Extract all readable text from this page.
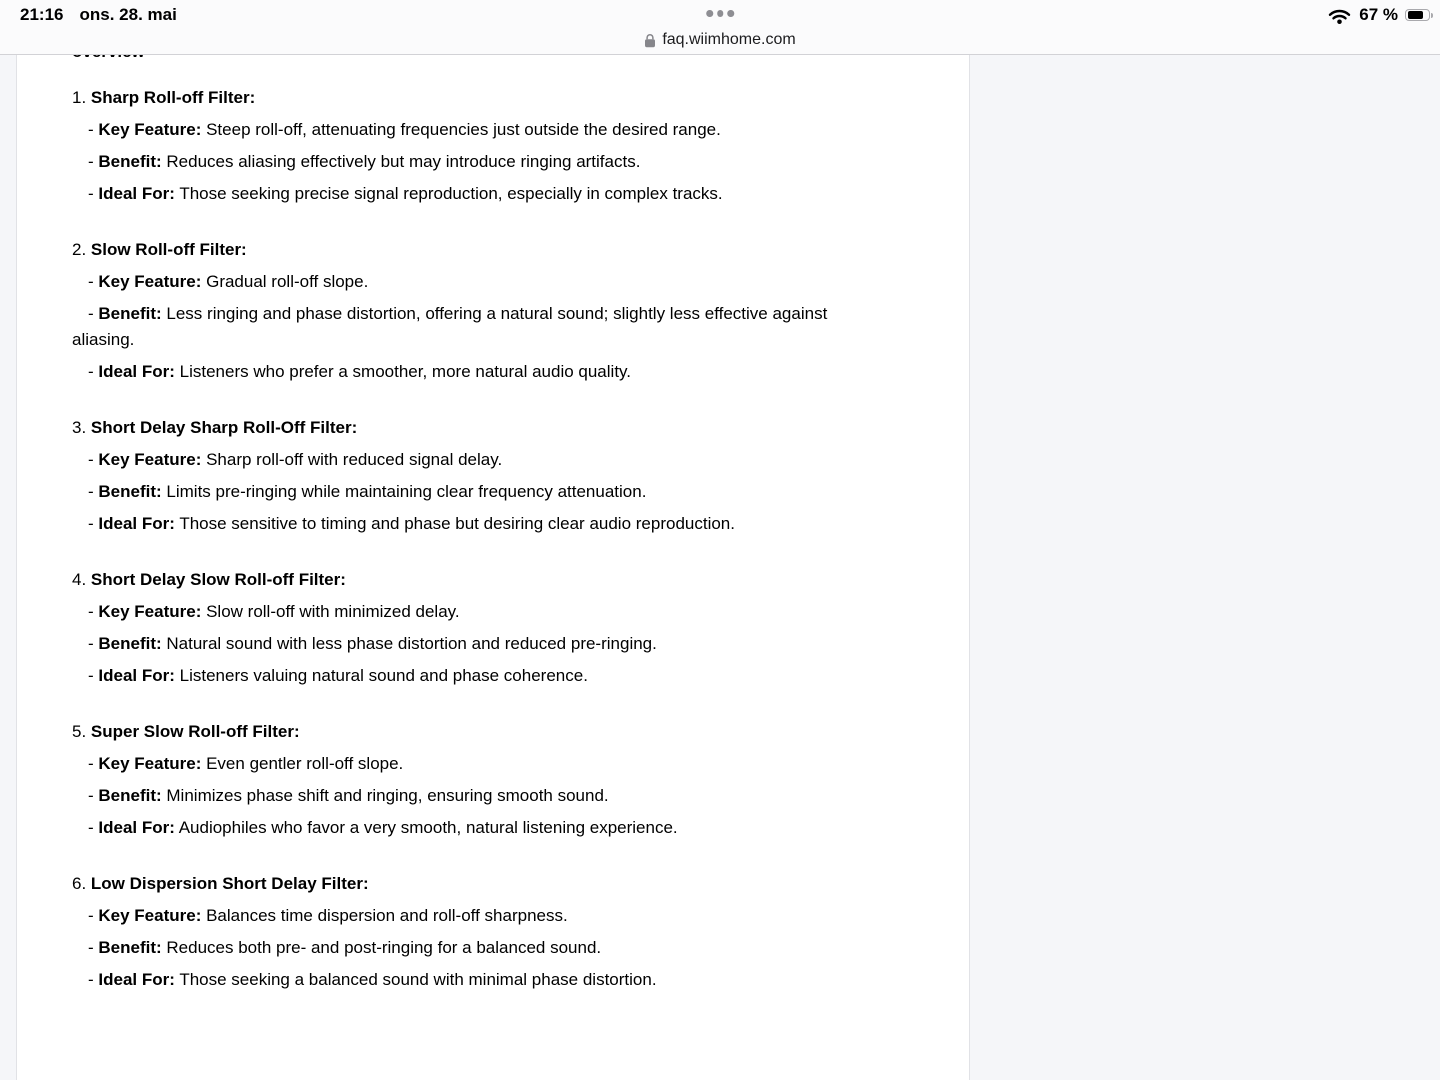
21:16 ons. 28. mai	67 %
faq.wiimhome.com

1. Sharp Roll-off Filter:

- Key Feature: Steep roll-off, attenuating frequencies just outside the desired range.

- Benefit: Reduces aliasing effectively but may introduce ringing artifacts.

- Ideal For: Those seeking precise signal reproduction, especially in complex tracks.

2. Slow Roll-off Filter:

- Key Feature: Gradual roll-off slope.

- Benefit: Less ringing and phase distortion, offering a natural sound; slightly less effective against aliasing.

- Ideal For: Listeners who prefer a smoother, more natural audio quality.

3. Short Delay Sharp Roll-Off Filter:

- Key Feature: Sharp roll-off with reduced signal delay.

- Benefit: Limits pre-ringing while maintaining clear frequency attenuation.

- Ideal For: Those sensitive to timing and phase but desiring clear audio reproduction.

4. Short Delay Slow Roll-off Filter:

- Key Feature: Slow roll-off with minimized delay.

- Benefit: Natural sound with less phase distortion and reduced pre-ringing.

- Ideal For: Listeners valuing natural sound and phase coherence.

5. Super Slow Roll-off Filter:

- Key Feature: Even gentler roll-off slope.

- Benefit: Minimizes phase shift and ringing, ensuring smooth sound.

- Ideal For: Audiophiles who favor a very smooth, natural listening experience.

6. Low Dispersion Short Delay Filter:

- Key Feature: Balances time dispersion and roll-off sharpness.

- Benefit: Reduces both pre- and post-ringing for a balanced sound.

- Ideal For: Those seeking a balanced sound with minimal phase distortion.
